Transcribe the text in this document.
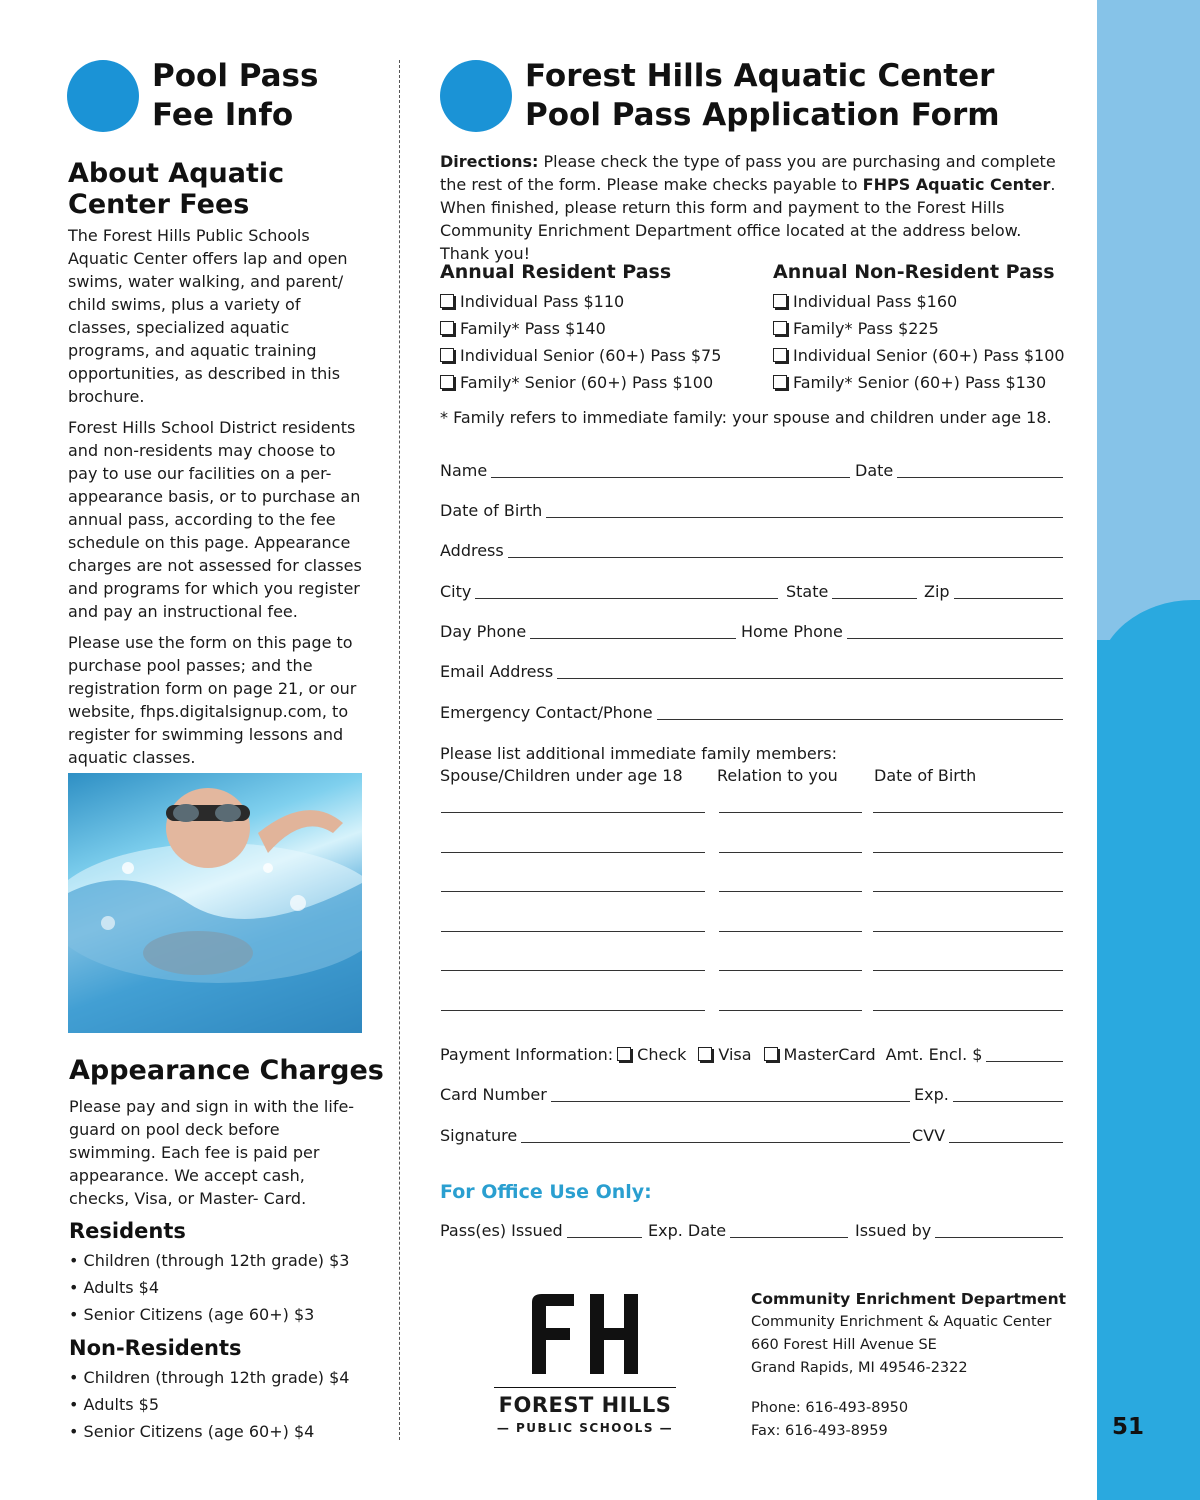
51
Pool Pass
Fee Info
About Aquatic
Center Fees

The Forest Hills Public Schools Aquatic Center offers lap and open swims, water walking, and parent/ child swims, plus a variety of classes, specialized aquatic programs, and aquatic training opportunities, as described in this brochure.

Forest Hills School District residents and non-residents may choose to pay to use our facilities on a per-appearance basis, or to purchase an annual pass, according to the fee schedule on this page. Appearance charges are not assessed for classes and programs for which you register and pay an instructional fee.

Please use the form on this page to purchase pool passes; and the registration form on page 21, or our website, fhps.digitalsignup.com, to register for swimming lessons and aquatic classes.

Appearance Charges
Please pay and sign in with the life- guard on pool deck before swimming. Each fee is paid per appearance. We accept cash, checks, Visa, or Master- Card.
Residents
• Children (through 12th grade) $3
• Adults $4
• Senior Citizens (age 60+) $3
Non-Residents
• Children (through 12th grade) $4
• Adults $5
• Senior Citizens (age 60+) $4
Forest Hills Aquatic Center
Pool Pass Application Form
Directions: Please check the type of pass you are purchasing and complete the rest of the form. Please make checks payable to FHPS Aquatic Center. When finished, please return this form and payment to the Forest Hills Community Enrichment Department office located at the address below. Thank you!
Annual Resident Pass
Individual Pass $110
Family* Pass $140
Individual Senior (60+) Pass $75
Family* Senior (60+) Pass $100
Annual Non-Resident Pass
Individual Pass $160
Family* Pass $225
Individual Senior (60+) Pass $100
Family* Senior (60+) Pass $130
* Family refers to immediate family: your spouse and children under age 18.
Name	Date
Date of Birth
Address
City	State	Zip
Day Phone	Home Phone
Email Address
Emergency Contact/Phone
Please list additional immediate family members:
Spouse/Children under age 18 Relation to you Date of Birth
Payment Information:	Check	Visa	MasterCard Amt. Encl. $
Card Number	Exp.
Signature	CVV
For Office Use Only:
Pass(es) Issued	Exp. Date	Issued by
FOREST HILLS
— PUBLIC SCHOOLS —
Community Enrichment Department
Community Enrichment & Aquatic Center
660 Forest Hill Avenue SE
Grand Rapids, MI 49546-2322
Phone: 616-493-8950
Fax: 616-493-8959
